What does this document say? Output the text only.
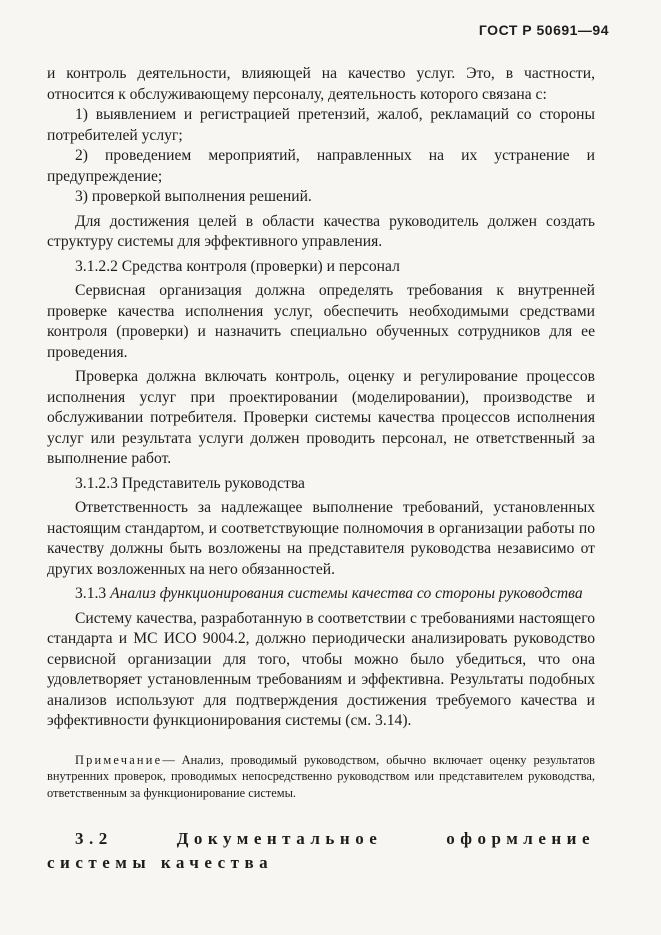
ГОСТ Р 50691—94

и контроль деятельности, влияющей на качество услуг. Это, в частности, относится к обслуживающему персоналу, деятельность которого связана с:

1) выявлением и регистрацией претензий, жалоб, рекламаций со стороны потребителей услуг;

2) проведением мероприятий, направленных на их устранение и предупреждение;

3) проверкой выполнения решений.

Для достижения целей в области качества руководитель должен создать структуру системы для эффективного управления.

3.1.2.2 Средства контроля (проверки) и персонал

Сервисная организация должна определять требования к внутренней проверке качества исполнения услуг, обеспечить необходимыми средствами контроля (проверки) и назначить специально обученных сотрудников для ее проведения.

Проверка должна включать контроль, оценку и регулирование процессов исполнения услуг при проектировании (моделировании), производстве и обслуживании потребителя. Проверки системы качества процессов исполнения услуг или результата услуги должен проводить персонал, не ответственный за выполнение работ.

3.1.2.3 Представитель руководства

Ответственность за надлежащее выполнение требований, установленных настоящим стандартом, и соответствующие полномочия в организации работы по качеству должны быть возложены на представителя руководства независимо от других возложенных на него обязанностей.

3.1.3 Анализ функционирования системы качества со стороны руководства

Систему качества, разработанную в соответствии с требованиями настоящего стандарта и МС ИСО 9004.2, должно периодически анализировать руководство сервисной организации для того, чтобы можно было убедиться, что она удовлетворяет установленным требованиям и эффективна. Результаты подобных анализов используют для подтверждения достижения требуемого качества и эффективности функционирования системы (см. 3.14).

Примечание— Анализ, проводимый руководством, обычно включает оценку результатов внутренних проверок, проводимых непосредственно руководством или представителем руководства, ответственным за функционирование системы.

3.2 Документальное оформление системы качества
